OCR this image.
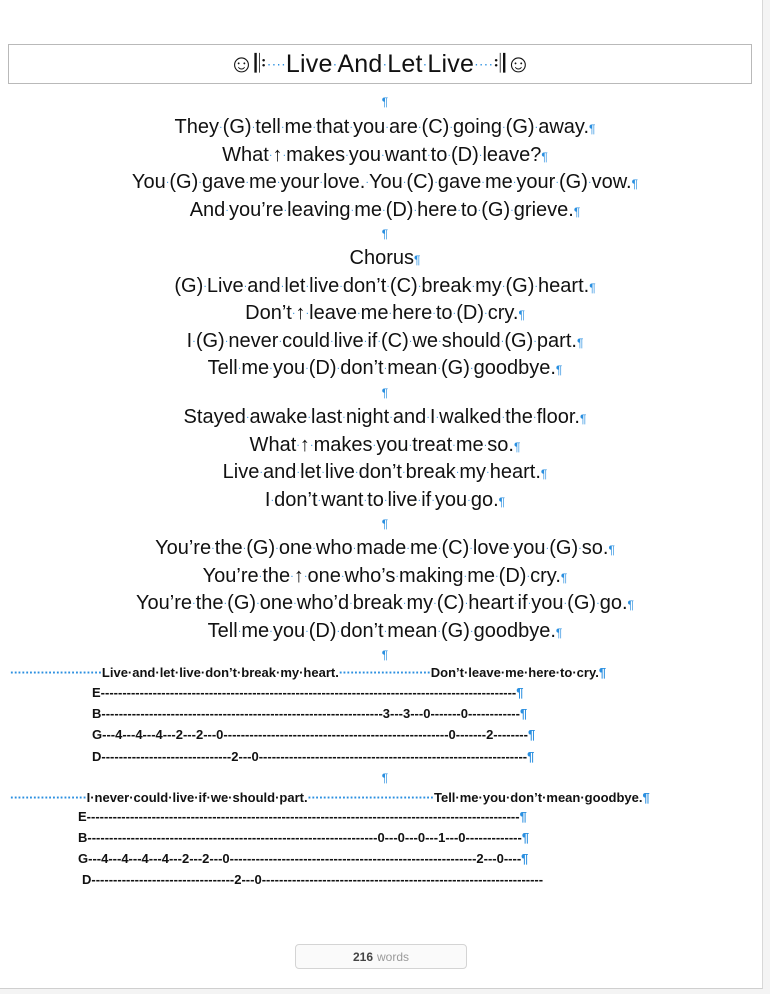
☺𝄆····Live·And·Let·Live····𝄇☺
¶
They·(G)·tell·me·that·you·are·(C)·going·(G)·away.¶
What·↑·makes·you·want·to·(D)·leave?¶
You·(G)·gave·me·your·love.·You·(C)·gave·me·your·(G)·vow.¶
And·you’re·leaving·me·(D)·here·to·(G)·grieve.¶
¶
Chorus¶
(G)·Live·and·let·live·don’t·(C)·break·my·(G)·heart.¶
Don’t·↑·leave·me·here·to·(D)·cry.¶
I·(G)·never·could·live·if·(C)·we·should·(G)·part.¶
Tell·me·you·(D)·don’t·mean·(G)·goodbye.¶
¶
Stayed·awake·last·night·and·I·walked·the·floor.¶
What·↑·makes·you·treat·me·so.¶
Live·and·let·live·don’t·break·my·heart.¶
I·don’t·want·to·live·if·you·go.¶
¶
You’re·the·(G)·one·who·made·me·(C)·love·you·(G)·so.¶
You’re·the·↑·one·who’s·making·me·(D)·cry.¶
You’re·the·(G)·one·who’d·break·my·(C)·heart·if·you·(G)·go.¶
Tell·me·you·(D)·don’t·mean·(G)·goodbye.¶
¶
························Live·and·let·live·don’t·break·my·heart.························Don’t·leave·me·here·to·cry.¶
E------------------------------------------------------------------------------------------------¶
B-----------------------------------------------------------------3---3---0-------0------------¶
G---4---4---4---2---2---0----------------------------------------------------0-------2--------¶
D------------------------------2---0--------------------------------------------------------------¶
¶
····················I·never·could·live·if·we·should·part.·································Tell·me·you·don’t·mean·goodbye.¶
E----------------------------------------------------------------------------------------------------¶
B-------------------------------------------------------------------0---0---0---1---0-------------¶
G---4---4---4---4---2---2---0---------------------------------------------------------2---0----¶
D---------------------------------2---0-----------------------------------------------------------------
216 words
